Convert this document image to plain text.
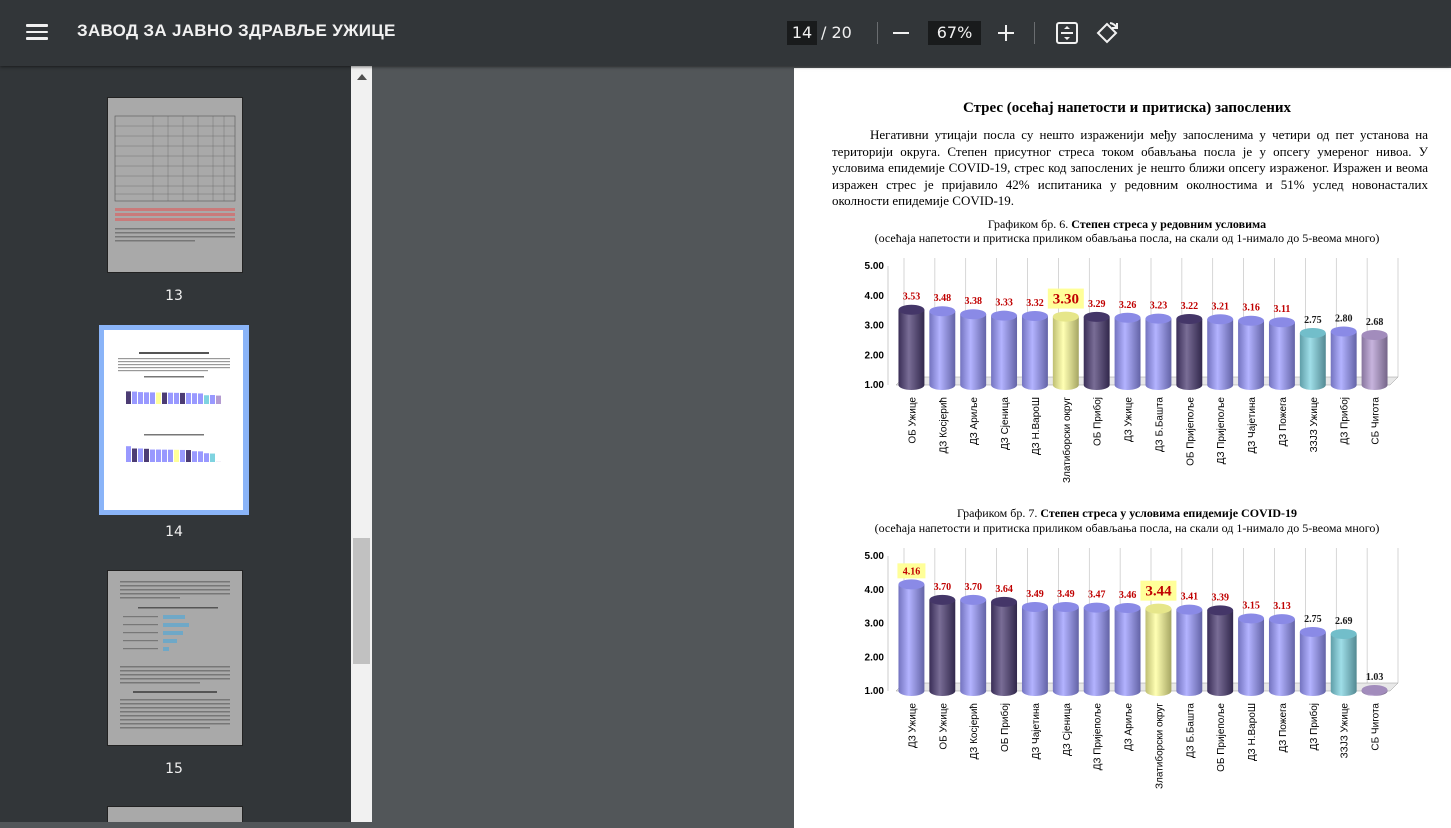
ЗАВОД ЗА ЈАВНО ЗДРАВЉЕ УЖИЦЕ	14 / 20	67%
13
14
15
Стрес (осећај напетости и притиска) запослених

Негативни утицаји посла су нешто израженији међу запосленима у четири од пет установа на територији округа. Степен присутног стреса током обављања посла је у опсегу умереног нивоа. У условима епидемије COVID-19, стрес код запослених је нешто ближи опсегу израженог. Изражен и веома изражен стрес је пријавило 42% испитаника у редовним околностима и 51% услед новонасталих околности епидемије COVID-19.

Графиком бр. 6. Степен стреса у редовним условима
(осећаја напетости и притиска приликом обављања посла, на скали од 1-нимало до 5-веома много)
1.00
2.00
3.00
4.00
5.00
3.53
ОБ Ужице
3.48
ДЗ Косјерић
3.38
ДЗ Ариље
3.33
ДЗ Сјеница
3.32
ДЗ Н.ВароШ
3.30
Златиборски округ
3.29
ОБ Прибој
3.26
ДЗ Ужице
3.23
ДЗ Б.Башта
3.22
ОБ Пријепоље
3.21
ДЗ Пријепоље
3.16
ДЗ Чајетина
3.11
ДЗ Пожега
2.75
ЗЗЈЗ Ужице
2.80
ДЗ Прибој
2.68
СБ Чигота
Графиком бр. 7. Степен стреса у условима епидемије COVID-19
(осећаја напетости и притиска приликом обављања посла, на скали од 1-нимало до 5-веома много)
1.00
2.00
3.00
4.00
5.00
4.16
ДЗ Ужице
3.70
ОБ Ужице
3.70
ДЗ Косјерић
3.64
ОБ Прибој
3.49
ДЗ Чајетина
3.49
ДЗ Сјеница
3.47
ДЗ Пријепоље
3.46
ДЗ Ариље
3.44
Златиборски округ
3.41
ДЗ Б.Башта
3.39
ОБ Пријепоље
3.15
ДЗ Н.ВароШ
3.13
ДЗ Пожега
2.75
ДЗ Прибој
2.69
ЗЗЈЗ Ужице
1.03
СБ Чигота
